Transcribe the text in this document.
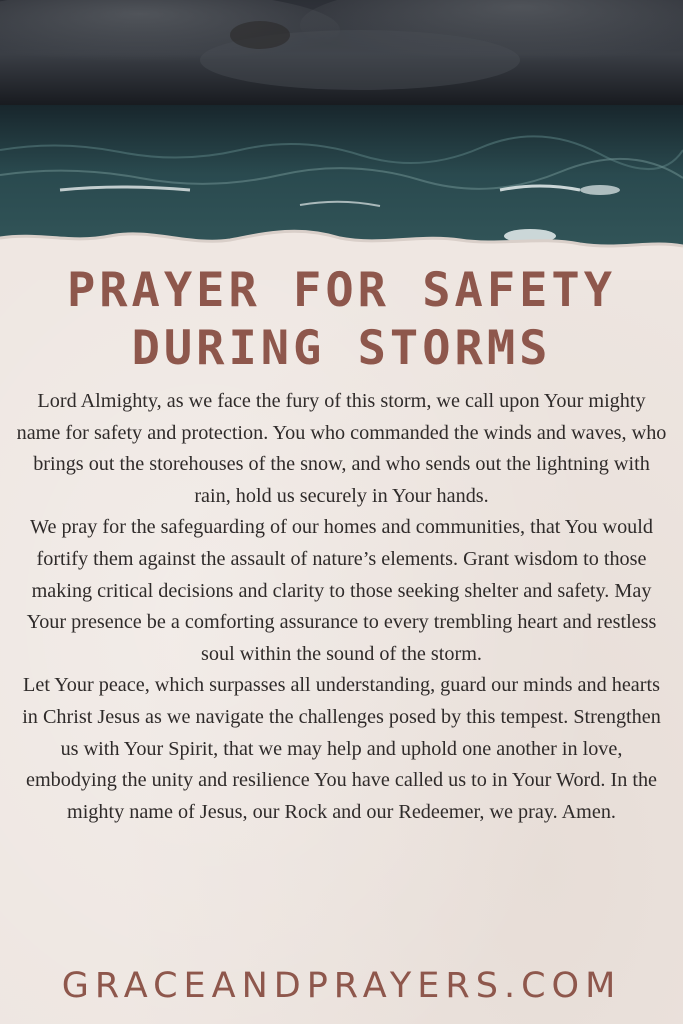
PRAYER FOR SAFETY
DURING STORMS

Lord Almighty, as we face the fury of this storm, we call upon Your mighty name for safety and protection. You who commanded the winds and waves, who brings out the storehouses of the snow, and who sends out the lightning with rain, hold us securely in Your hands.

We pray for the safeguarding of our homes and communities, that You would fortify them against the assault of nature’s elements. Grant wisdom to those making critical decisions and clarity to those seeking shelter and safety. May Your presence be a comforting assurance to every trembling heart and restless soul within the sound of the storm.

Let Your peace, which surpasses all understanding, guard our minds and hearts in Christ Jesus as we navigate the challenges posed by this tempest. Strengthen us with Your Spirit, that we may help and uphold one another in love, embodying the unity and resilience You have called us to in Your Word. In the mighty name of Jesus, our Rock and our Redeemer, we pray. Amen.

GRACEANDPRAYERS.COM
